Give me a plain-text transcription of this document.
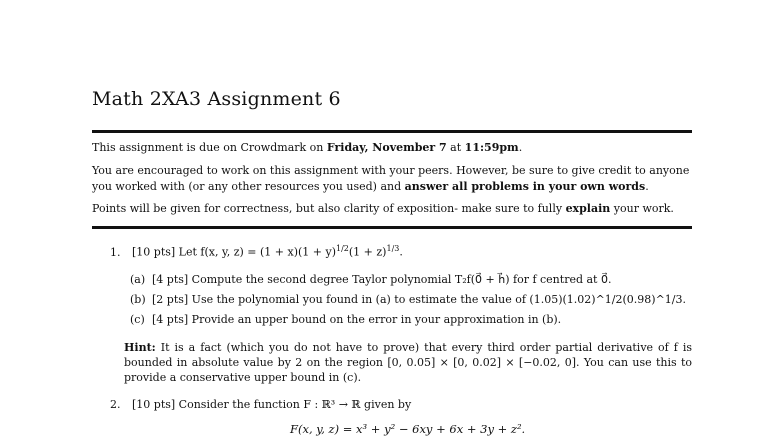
Math 2XA3 Assignment 6
This assignment is due on Crowdmark on Friday, November 7 at 11:59pm.
You are encouraged to work on this assignment with your peers. However, be sure to give credit to anyone you worked with (or any other resources you used) and answer all problems in your own words.
Points will be given for correctness, but also clarity of exposition- make sure to fully explain your work.
1. [10 pts] Let f(x, y, $z) = (1 + x)(1 + y)^{1/2}(1 + z)^{1/3}$.
(a) [4 pts] Compute the second degree Taylor polynomial T₂f(0⃗ + h⃗) for f centred at 0⃗.
(b) [2 pts] Use the polynomial you found in (a) to estimate the value of (1.05)(1.02)^1/2(0.98)^1/3.
(c) [4 pts] Provide an upper bound on the error in your approximation in (b).
Hint: It is a fact (which you do not have to prove) that every third order partial derivative of f is bounded in absolute value by 2 on the region [0, 0.05] × [0, 0.02] × [−0.02, 0]. You can use this to provide a conservative upper bound in (c).
2. [10 pts] Consider the function F : ℝ³ → ℝ given by
F(x, y, z) = x³ + y² − 6xy + 6x + 3y + z².
